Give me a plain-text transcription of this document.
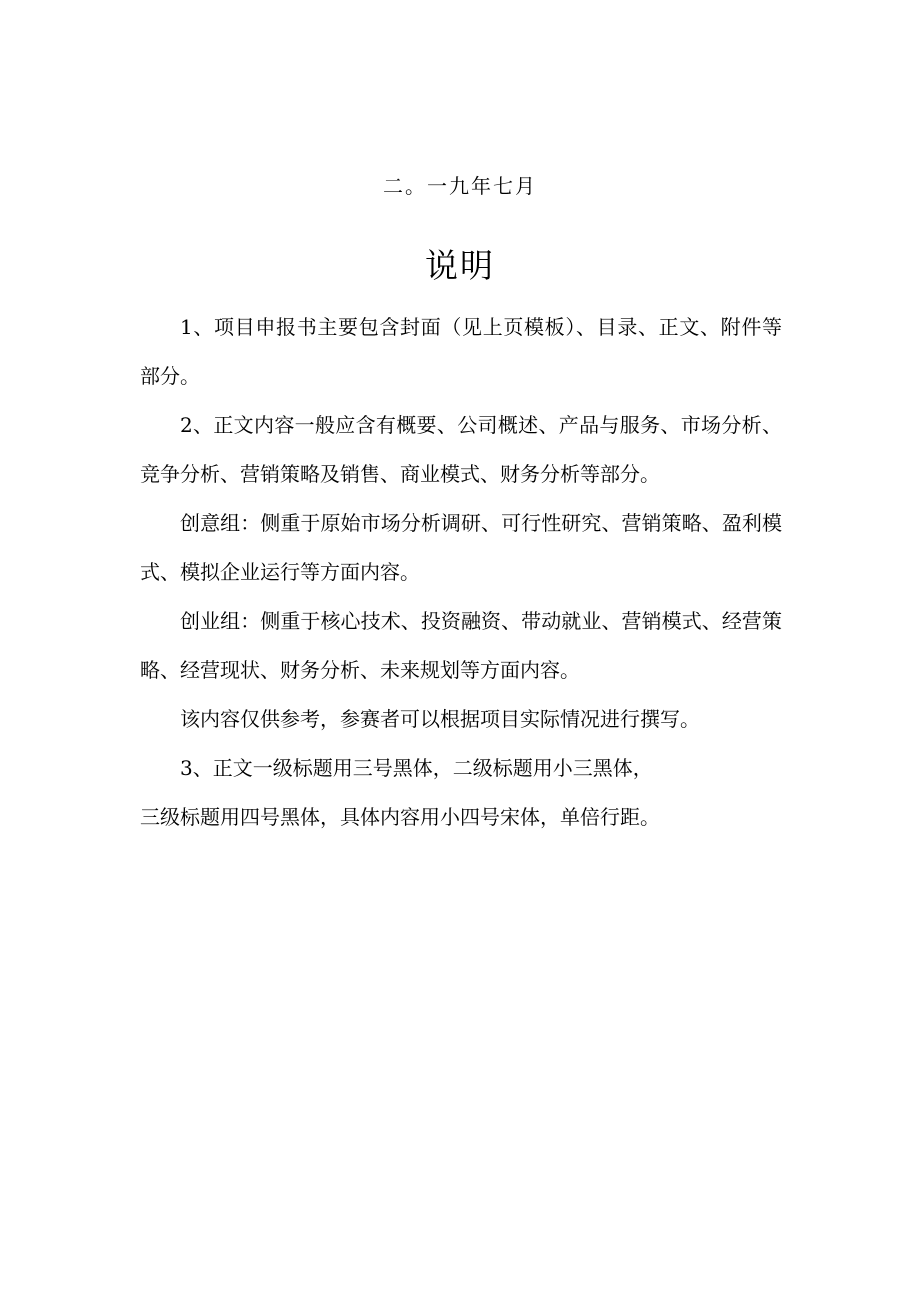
二。一九年七月
说明

1、项目申报书主要包含封面（见上页模板）、目录、正文、附件等部分。

2、正文内容一般应含有概要、公司概述、产品与服务、市场分析、竞争分析、营销策略及销售、商业模式、财务分析等部分。

创意组：侧重于原始市场分析调研、可行性研究、营销策略、盈利模式、模拟企业运行等方面内容。

创业组：侧重于核心技术、投资融资、带动就业、营销模式、经营策略、经营现状、财务分析、未来规划等方面内容。

该内容仅供参考，参赛者可以根据项目实际情况进行撰写。

3、正文一级标题用三号黑体，二级标题用小三黑体，
三级标题用四号黑体，具体内容用小四号宋体，单倍行距。
